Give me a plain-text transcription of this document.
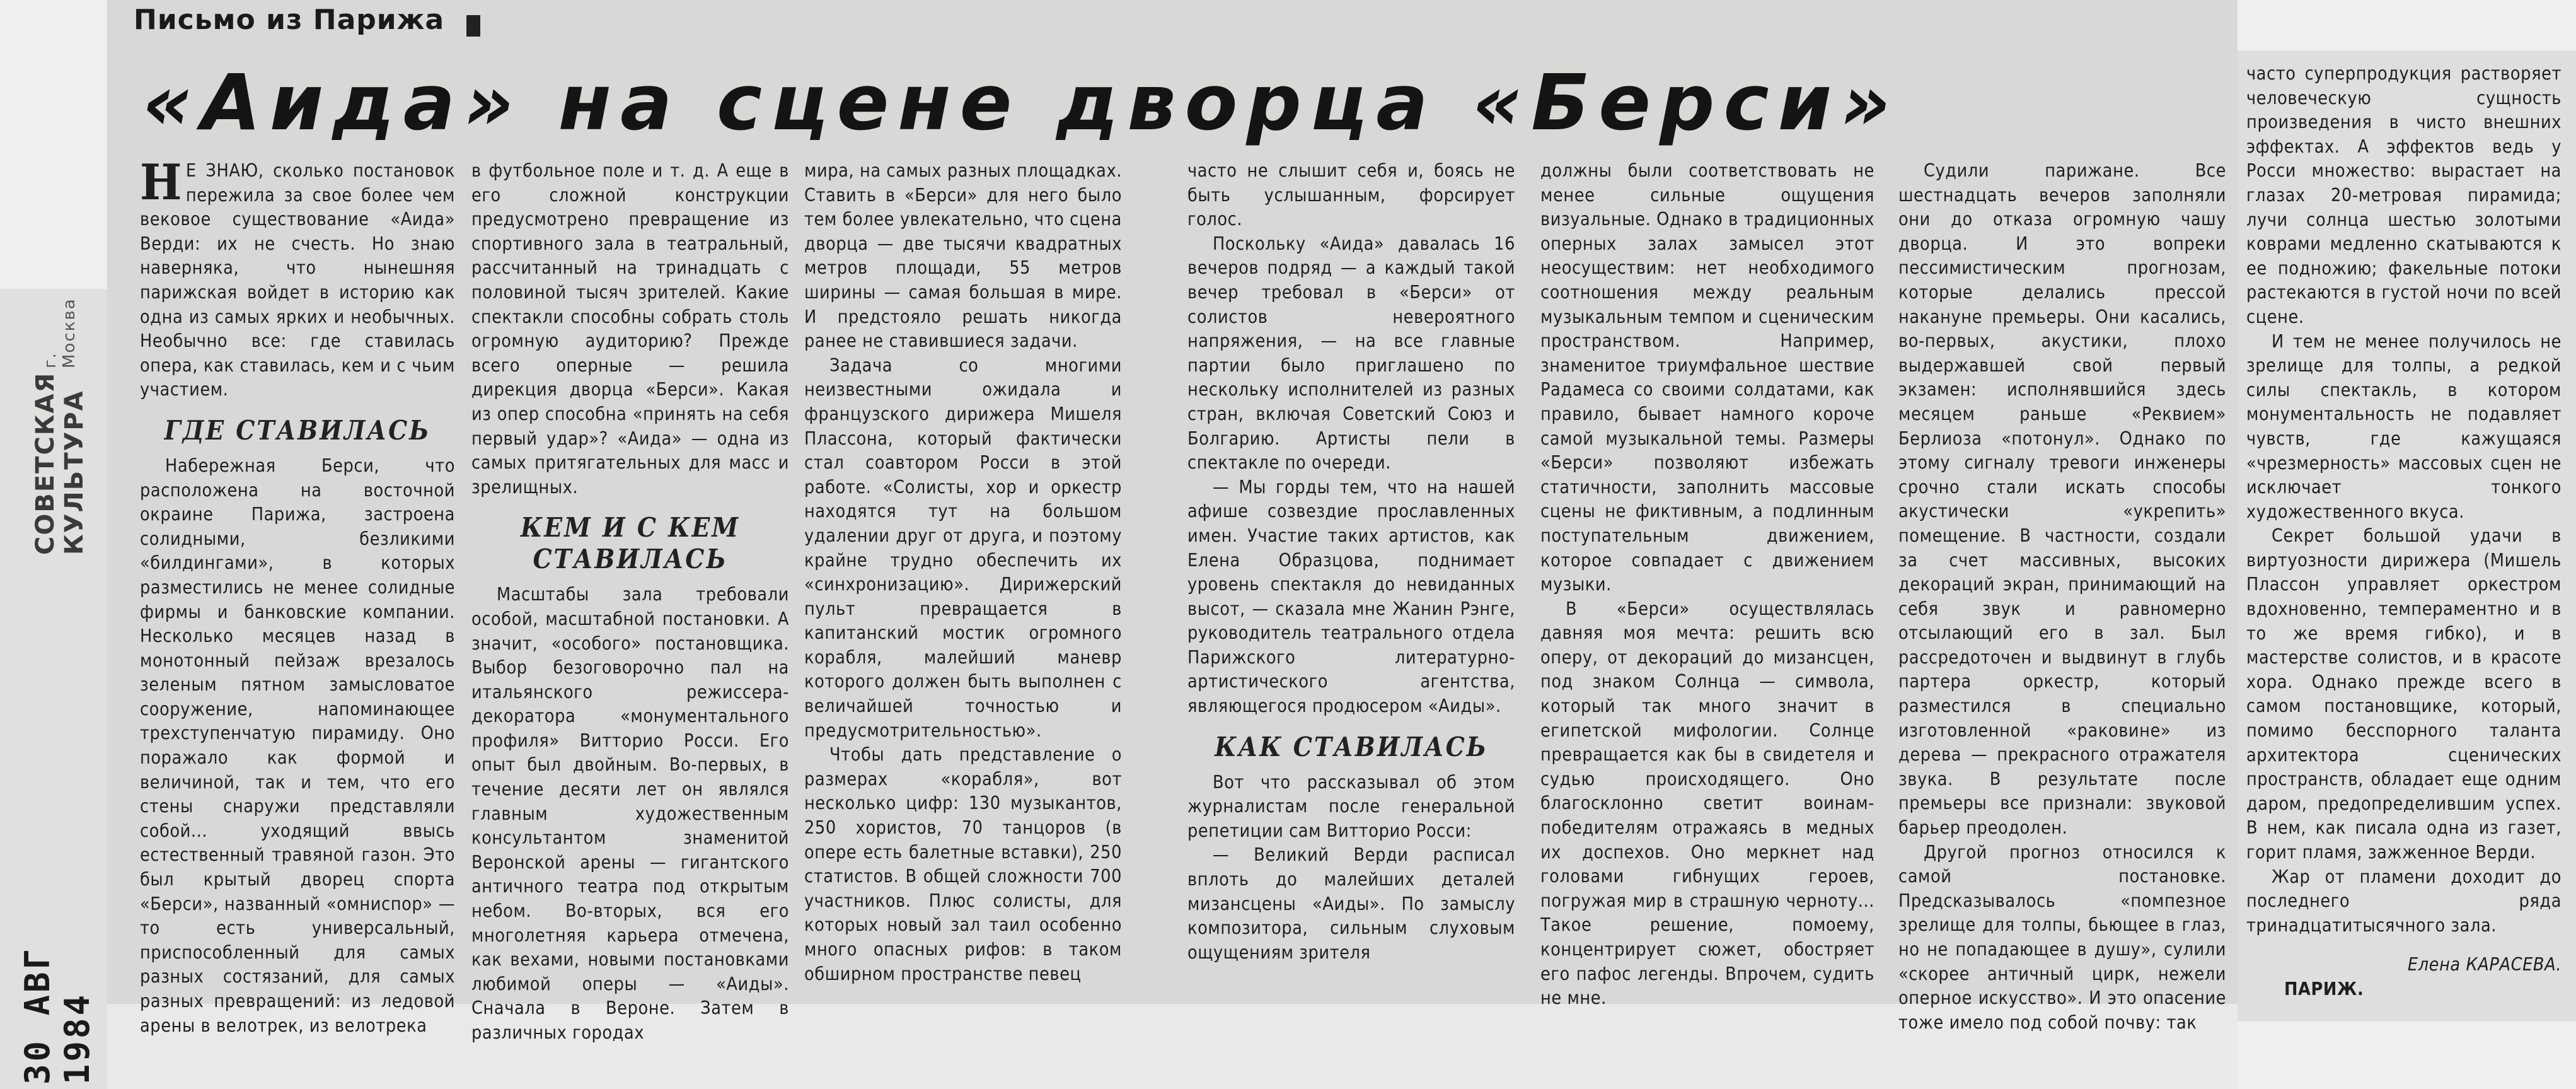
СОВЕТСКАЯ КУЛЬТУРА
г. Москва
30 АВГ 1984
Письмо из Парижа
«Аида» на сцене дворца «Берси»

Н Е ЗНАЮ, сколько постановок пережила за свое более чем вековое существование «Аида» Верди: их не счесть. Но знаю наверняка, что нынешняя парижская войдет в историю как одна из самых ярких и необычных. Необычно все: где ставилась опера, как ставилась, кем и с чьим участием.

ГДЕ СТАВИЛАСЬ

Набережная Берси, что расположена на восточной окраине Парижа, застроена солидными, безликими «билдингами», в которых разместились не менее солидные фирмы и банковские компании. Несколько месяцев назад в монотонный пейзаж врезалось зеленым пятном замысловатое сооружение, напоминающее трехступенчатую пирамиду. Оно поражало как формой и величиной, так и тем, что его стены снаружи представляли собой... уходящий ввысь естественный травяной газон. Это был крытый дворец спорта «Берси», названный «омниспор» — то есть универсальный, приспособленный для самых разных состязаний, для самых разных превращений: из ледовой арены в велотрек, из велотрека

в футбольное поле и т. д. А еще в его сложной конструкции предусмотрено превращение из спортивного зала в театральный, рассчитанный на тринадцать с половиной тысяч зрителей. Какие спектакли способны собрать столь огромную аудиторию? Прежде всего оперные — решила дирекция дворца «Берси». Какая из опер способна «принять на себя первый удар»? «Аида» — одна из самых притягательных для масс и зрелищных.

КЕМ И С КЕМ СТАВИЛАСЬ

Масштабы зала требовали особой, масштабной постановки. А значит, «особого» постановщика. Выбор безоговорочно пал на итальянского режиссера-декоратора «монументального профиля» Витторио Росси. Его опыт был двойным. Во-первых, в течение десяти лет он являлся главным художественным консультантом знаменитой Веронской арены — гигантского античного театра под открытым небом. Во-вторых, вся его многолетняя карьера отмечена, как вехами, новыми постановками любимой оперы — «Аиды». Сначала в Вероне. Затем в различных городах

мира, на самых разных площадках. Ставить в «Берси» для него было тем более увлекательно, что сцена дворца — две тысячи квадратных метров площади, 55 метров ширины — самая большая в мире. И предстояло решать никогда ранее не ставившиеся задачи.

Задача со многими неизвестными ожидала и французского дирижера Мишеля Плассона, который фактически стал соавтором Росси в этой работе. «Солисты, хор и оркестр находятся тут на большом удалении друг от друга, и поэтому крайне трудно обеспечить их «синхронизацию». Дирижерский пульт превращается в капитанский мостик огромного корабля, малейший маневр которого должен быть выполнен с величайшей точностью и предусмотрительностью».

Чтобы дать представление о размерах «корабля», вот несколько цифр: 130 музыкантов, 250 хористов, 70 танцоров (в опере есть балетные вставки), 250 статистов. В общей сложности 700 участников. Плюс солисты, для которых новый зал таил особенно много опасных рифов: в таком обширном пространстве певец

часто не слышит себя и, боясь не быть услышанным, форсирует голос.

Поскольку «Аида» давалась 16 вечеров подряд — а каждый такой вечер требовал в «Берси» от солистов невероятного напряжения, — на все главные партии было приглашено по нескольку исполнителей из разных стран, включая Советский Союз и Болгарию. Артисты пели в спектакле по очереди.

— Мы горды тем, что на нашей афише созвездие прославленных имен. Участие таких артистов, как Елена Образцова, поднимает уровень спектакля до невиданных высот, — сказала мне Жанин Рэнге, руководитель театрального отдела Парижского литературно-артистического агентства, являющегося продюсером «Аиды».

КАК СТАВИЛАСЬ

Вот что рассказывал об этом журналистам после генеральной репетиции сам Витторио Росси:

— Великий Верди расписал вплоть до малейших деталей мизансцены «Аиды». По замыслу композитора, сильным слуховым ощущениям зрителя

должны были соответствовать не менее сильные ощущения визуальные. Однако в традиционных оперных залах замысел этот неосуществим: нет необходимого соотношения между реальным музыкальным темпом и сценическим пространством. Например, знаменитое триумфальное шествие Радамеса со своими солдатами, как правило, бывает намного короче самой музыкальной темы. Размеры «Берси» позволяют избежать статичности, заполнить массовые сцены не фиктивным, а подлинным поступательным движением, которое совпадает с движением музыки.

В «Берси» осуществлялась давняя моя мечта: решить всю оперу, от декораций до мизансцен, под знаком Солнца — символа, который так много значит в египетской мифологии. Солнце превращается как бы в свидетеля и судью происходящего. Оно благосклонно светит воинам-победителям отражаясь в медных их доспехов. Оно меркнет над головами гибнущих героев, погружая мир в страшную черноту... Такое решение, помоему, концентрирует сюжет, обостряет его пафос легенды. Впрочем, судить не мне.

Судили парижане. Все шестнадцать вечеров заполняли они до отказа огромную чашу дворца. И это вопреки пессимистическим прогнозам, которые делались прессой накануне премьеры. Они касались, во-первых, акустики, плохо выдержавшей свой первый экзамен: исполнявшийся здесь месяцем раньше «Реквием» Берлиоза «потонул». Однако по этому сигналу тревоги инженеры срочно стали искать способы акустически «укрепить» помещение. В частности, создали за счет массивных, высоких декораций экран, принимающий на себя звук и равномерно отсылающий его в зал. Был рассредоточен и выдвинут в глубь партера оркестр, который разместился в специально изготовленной «раковине» из дерева — прекрасного отражателя звука. В результате после премьеры все признали: звуковой барьер преодолен.

Другой прогноз относился к самой постановке. Предсказывалось «помпезное зрелище для толпы, бьющее в глаз, но не попадающее в душу», сулили «скорее античный цирк, нежели оперное искусство». И это опасение тоже имело под собой почву: так

часто суперпродукция растворяет человеческую сущность произведения в чисто внешних эффектах. А эффектов ведь у Росси множество: вырастает на глазах 20-метровая пирамида; лучи солнца шестью золотыми коврами медленно скатываются к ее подножию; факельные потоки растекаются в густой ночи по всей сцене.

И тем не менее получилось не зрелище для толпы, а редкой силы спектакль, в котором монументальность не подавляет чувств, где кажущаяся «чрезмерность» массовых сцен не исключает тонкого художественного вкуса.

Секрет большой удачи в виртуозности дирижера (Мишель Плассон управляет оркестром вдохновенно, темпераментно и в то же время гибко), и в мастерстве солистов, и в красоте хора. Однако прежде всего в самом постановщике, который, помимо бесспорного таланта архитектора сценических пространств, обладает еще одним даром, предопределившим успех. В нем, как писала одна из газет, горит пламя, зажженное Верди.

Жар от пламени доходит до последнего ряда тринадцатитысячного зала.

Елена КАРАСЕВА.

ПАРИЖ.
